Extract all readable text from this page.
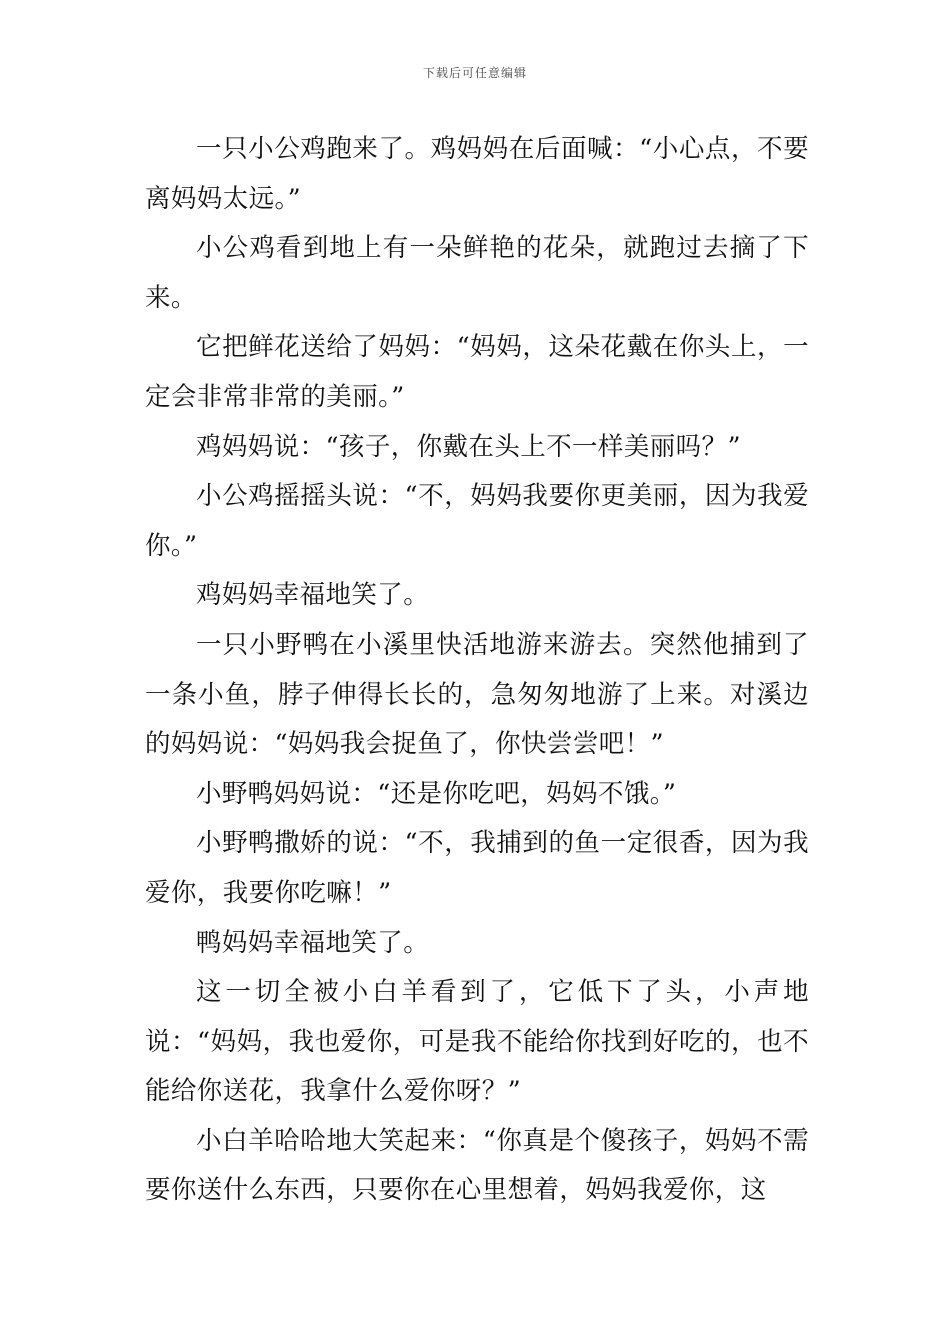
下载后可任意编辑

一只小公鸡跑来了。鸡妈妈在后面喊：“小心点，不要离妈妈太远。”

小公鸡看到地上有一朵鲜艳的花朵，就跑过去摘了下来。

它把鲜花送给了妈妈：“妈妈，这朵花戴在你头上，一定会非常非常的美丽。”

鸡妈妈说：“孩子，你戴在头上不一样美丽吗？”

小公鸡摇摇头说：“不，妈妈我要你更美丽，因为我爱你。”

鸡妈妈幸福地笑了。

一只小野鸭在小溪里快活地游来游去。突然他捕到了一条小鱼，脖子伸得长长的，急匆匆地游了上来。对溪边的妈妈说：“妈妈我会捉鱼了，你快尝尝吧！”

小野鸭妈妈说：“还是你吃吧，妈妈不饿。”

小野鸭撒娇的说：“不，我捕到的鱼一定很香，因为我爱你，我要你吃嘛！”

鸭妈妈幸福地笑了。

这一切全被小白羊看到了，它低下了头，小声地说：“妈妈，我也爱你，可是我不能给你找到好吃的，也不能给你送花，我拿什么爱你呀？”

小白羊哈哈地大笑起来：“你真是个傻孩子，妈妈不需要你送什么东西，只要你在心里想着，妈妈我爱你，这
